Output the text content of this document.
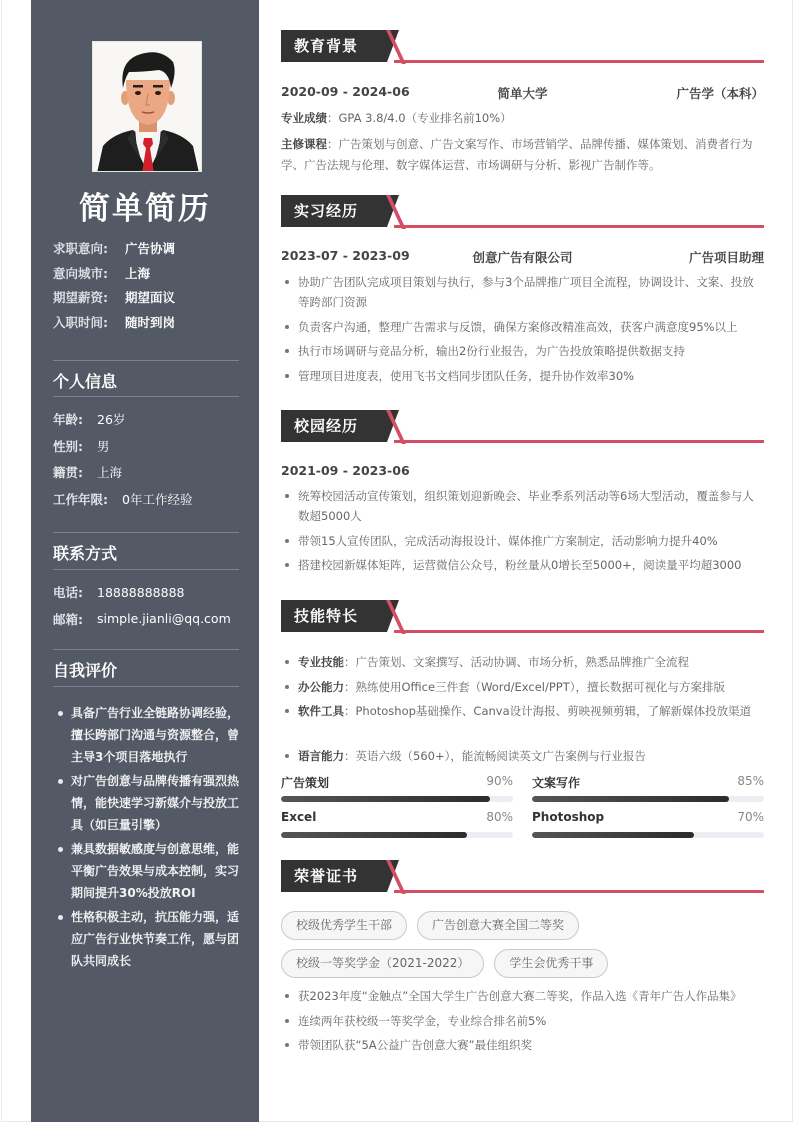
简单简历
求职意向:	广告协调
意向城市:	上海
期望薪资:	期望面议
入职时间:	随时到岗
个人信息
年龄: 26岁
性别: 男
籍贯: 上海
工作年限: 0年工作经验
联系方式
电话: 18888888888
邮箱: simple.jianli@qq.com
自我评价
具备广告行业全链路协调经验，擅长跨部门沟通与资源整合，曾主导3个项目落地执行
对广告创意与品牌传播有强烈热情，能快速学习新媒介与投放工具（如巨量引擎）
兼具数据敏感度与创意思维，能平衡广告效果与成本控制，实习期间提升30%投放ROI
性格积极主动，抗压能力强，适应广告行业快节奏工作，愿与团队共同成长
教育背景
2020-09 - 2024-06	简单大学	广告学（本科）
专业成绩：GPA 3.8/4.0（专业排名前10%）
主修课程：广告策划与创意、广告文案写作、市场营销学、品牌传播、媒体策划、消费者行为学、广告法规与伦理、数字媒体运营、市场调研与分析、影视广告制作等。
实习经历
2023-07 - 2023-09	创意广告有限公司	广告项目助理
协助广告团队完成项目策划与执行，参与3个品牌推广项目全流程，协调设计、文案、投放等跨部门资源
负责客户沟通，整理广告需求与反馈，确保方案修改精准高效，获客户满意度95%以上
执行市场调研与竞品分析，输出2份行业报告，为广告投放策略提供数据支持
管理项目进度表，使用飞书文档同步团队任务，提升协作效率30%
校园经历
2021-09 - 2023-06
统筹校园活动宣传策划，组织策划迎新晚会、毕业季系列活动等6场大型活动，覆盖参与人数超5000人
带领15人宣传团队，完成活动海报设计、媒体推广方案制定，活动影响力提升40%
搭建校园新媒体矩阵，运营微信公众号，粉丝量从0增长至5000+，阅读量平均超3000
技能特长
专业技能：广告策划、文案撰写、活动协调、市场分析，熟悉品牌推广全流程
办公能力：熟练使用Office三件套（Word/Excel/PPT），擅长数据可视化与方案排版
软件工具：Photoshop基础操作、Canva设计海报、剪映视频剪辑，了解新媒体投放渠道
语言能力：英语六级（560+），能流畅阅读英文广告案例与行业报告
广告策划	90% 文案写作	85%
Excel	80% Photoshop	70%
荣誉证书
校级优秀学生干部	广告创意大赛全国二等奖
校级一等奖学金（2021-2022）	学生会优秀干事
获2023年度“金触点”全国大学生广告创意大赛二等奖，作品入选《青年广告人作品集》
连续两年获校级一等奖学金，专业综合排名前5%
带领团队获“5A公益广告创意大赛”最佳组织奖
